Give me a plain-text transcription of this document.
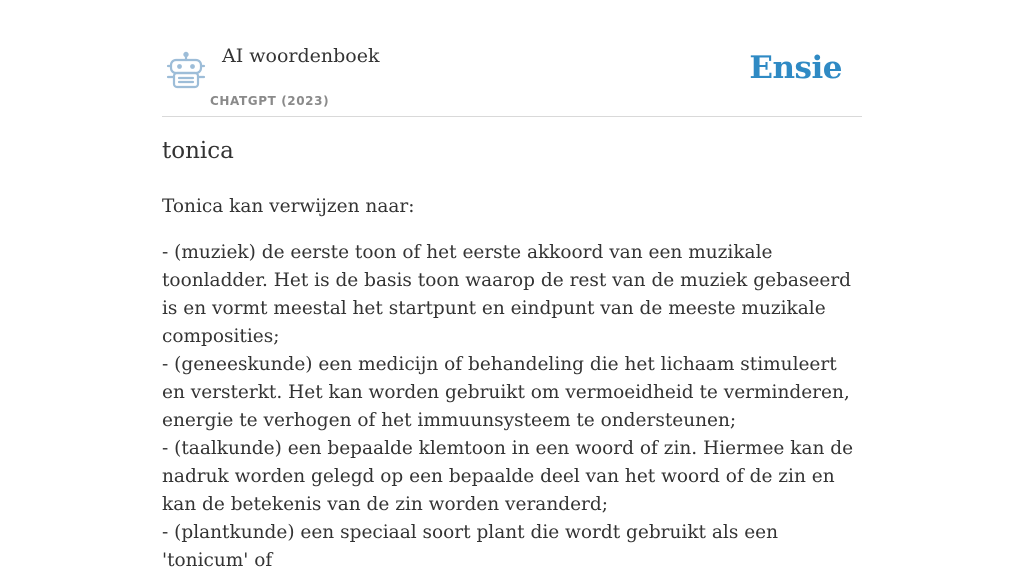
AI woordenboek
CHATGPT (2023)
Ensie
tonica

Tonica kan verwijzen naar:

- (muziek) de eerste toon of het eerste akkoord van een muzikale toonladder. Het is de basis toon waarop de rest van de muziek gebaseerd is en vormt meestal het startpunt en eindpunt van de meeste muzikale composities;
- (geneeskunde) een medicijn of behandeling die het lichaam stimuleert en versterkt. Het kan worden gebruikt om vermoeidheid te verminderen, energie te verhogen of het immuunsysteem te ondersteunen;
- (taalkunde) een bepaalde klemtoon in een woord of zin. Hiermee kan de nadruk worden gelegd op een bepaalde deel van het woord of de zin en kan de betekenis van de zin worden veranderd;
- (plantkunde) een speciaal soort plant die wordt gebruikt als een 'tonicum' of
